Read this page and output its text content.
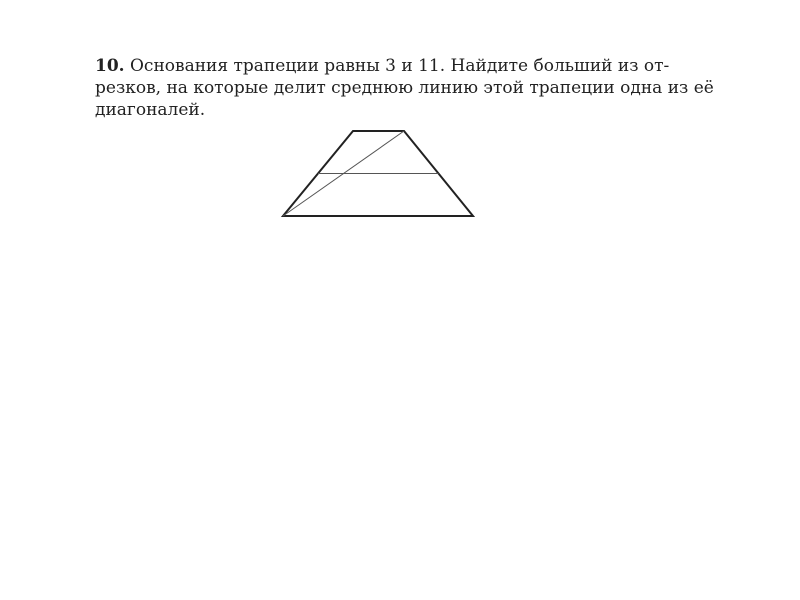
10. Основания трапеции равны 3 и 11. Найдите больший из от-
резков, на которые делит среднюю линию этой трапеции одна из её
диагоналей.
